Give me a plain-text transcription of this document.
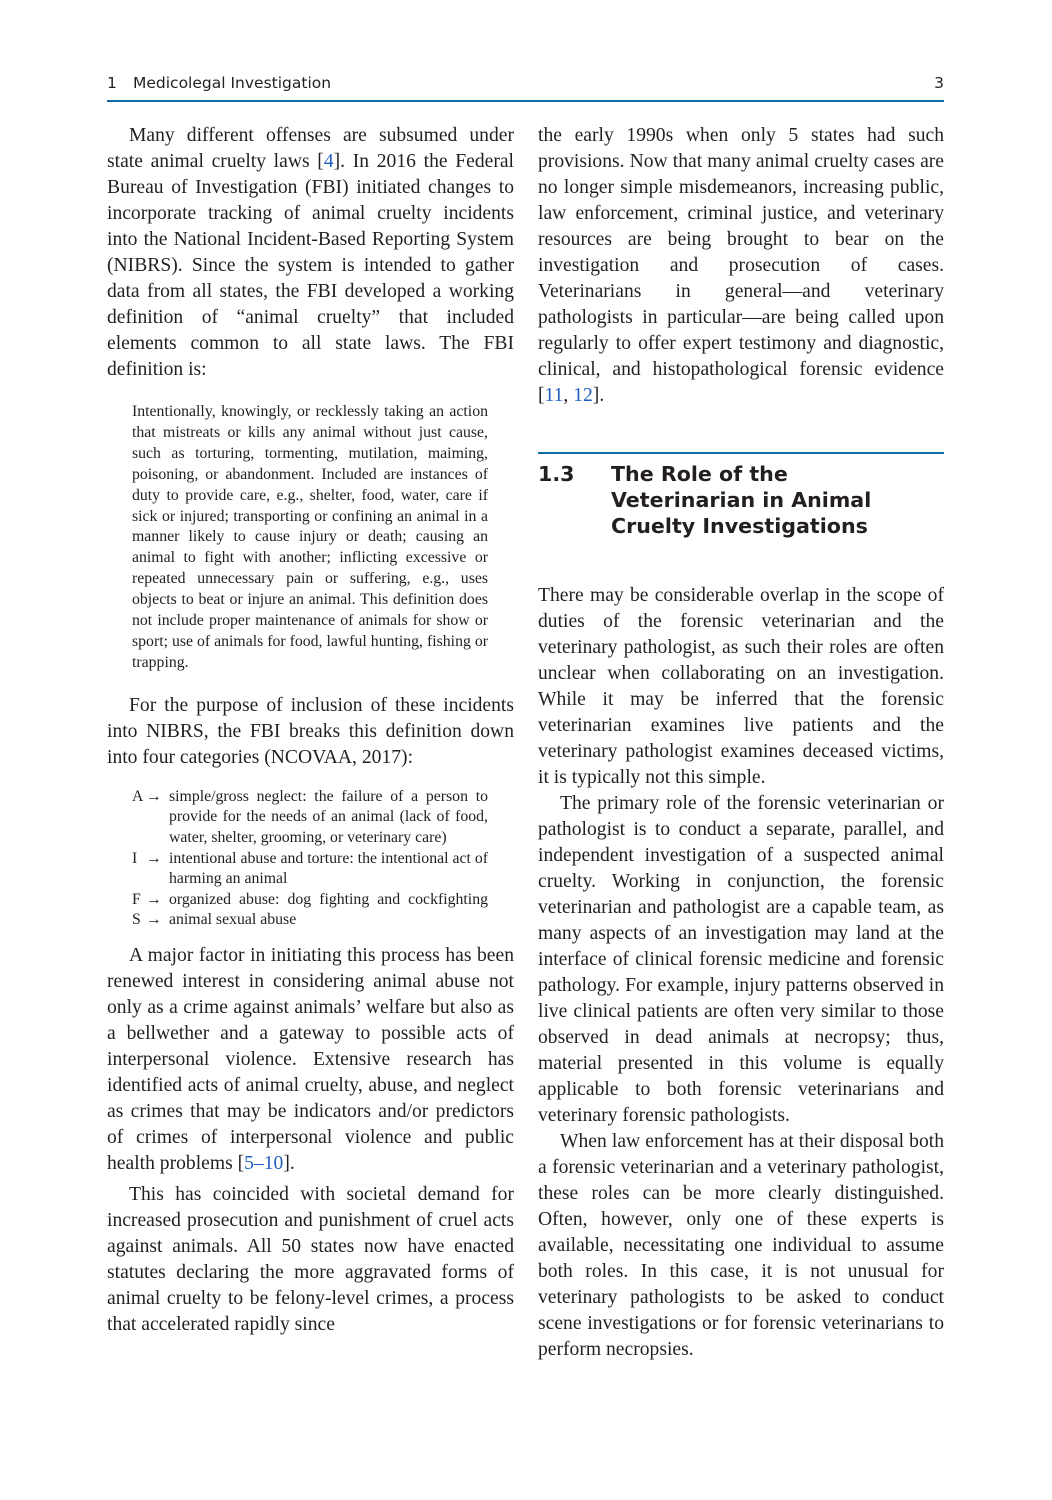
1 Medicolegal Investigation	3

Many different offenses are subsumed under state animal cruelty laws [4]. In 2016 the Federal Bureau of Investigation (FBI) initiated changes to incorporate tracking of animal cruelty incidents into the National Incident-Based Reporting System (NIBRS). Since the system is intended to gather data from all states, the FBI developed a working definition of “animal cruelty” that included elements common to all state laws. The FBI definition is:

Intentionally, knowingly, or recklessly taking an action that mistreats or kills any animal without just cause, such as torturing, tormenting, mutilation, maiming, poisoning, or abandonment. Included are instances of duty to provide care, e.g., shelter, food, water, care if sick or injured; transporting or confining an animal in a manner likely to cause injury or death; causing an animal to fight with another; inflicting excessive or repeated unnecessary pain or suffering, e.g., uses objects to beat or injure an animal. This definition does not include proper maintenance of animals for show or sport; use of animals for food, lawful hunting, fishing or trapping.

For the purpose of inclusion of these incidents into NIBRS, the FBI breaks this definition down into four categories (NCOVAA, 2017):

A → simple/gross neglect: the failure of a person to provide for the needs of an animal (lack of food, water, shelter, grooming, or veterinary care)
I → intentional abuse and torture: the intentional act of harming an animal
F → organized abuse: dog fighting and cockfighting
S → animal sexual abuse

A major factor in initiating this process has been renewed interest in considering animal abuse not only as a crime against animals’ welfare but also as a bellwether and a gateway to possible acts of interpersonal violence. Extensive research has identified acts of animal cruelty, abuse, and neglect as crimes that may be indicators and/or predictors of crimes of interpersonal violence and public health problems [5–10].

This has coincided with societal demand for increased prosecution and punishment of cruel acts against animals. All 50 states now have enacted statutes declaring the more aggravated forms of animal cruelty to be felony-level crimes, a process that accelerated rapidly since

the early 1990s when only 5 states had such provisions. Now that many animal cruelty cases are no longer simple misdemeanors, increasing public, law enforcement, criminal justice, and veterinary resources are being brought to bear on the investigation and prosecution of cases. Veterinarians in general—and veterinary pathologists in particular—are being called upon regularly to offer expert testimony and diagnostic, clinical, and histopathological forensic evidence [11, 12].

1.3 The Role of the Veterinarian in Animal Cruelty Investigations

There may be considerable overlap in the scope of duties of the forensic veterinarian and the veterinary pathologist, as such their roles are often unclear when collaborating on an investigation. While it may be inferred that the forensic veterinarian examines live patients and the veterinary pathologist examines deceased victims, it is typically not this simple.

The primary role of the forensic veterinarian or pathologist is to conduct a separate, parallel, and independent investigation of a suspected animal cruelty. Working in conjunction, the forensic veterinarian and pathologist are a capable team, as many aspects of an investigation may land at the interface of clinical forensic medicine and forensic pathology. For example, injury patterns observed in live clinical patients are often very similar to those observed in dead animals at necropsy; thus, material presented in this volume is equally applicable to both forensic veterinarians and veterinary forensic pathologists.

When law enforcement has at their disposal both a forensic veterinarian and a veterinary pathologist, these roles can be more clearly distinguished. Often, however, only one of these experts is available, necessitating one individual to assume both roles. In this case, it is not unusual for veterinary pathologists to be asked to conduct scene investigations or for forensic veterinarians to perform necropsies.
